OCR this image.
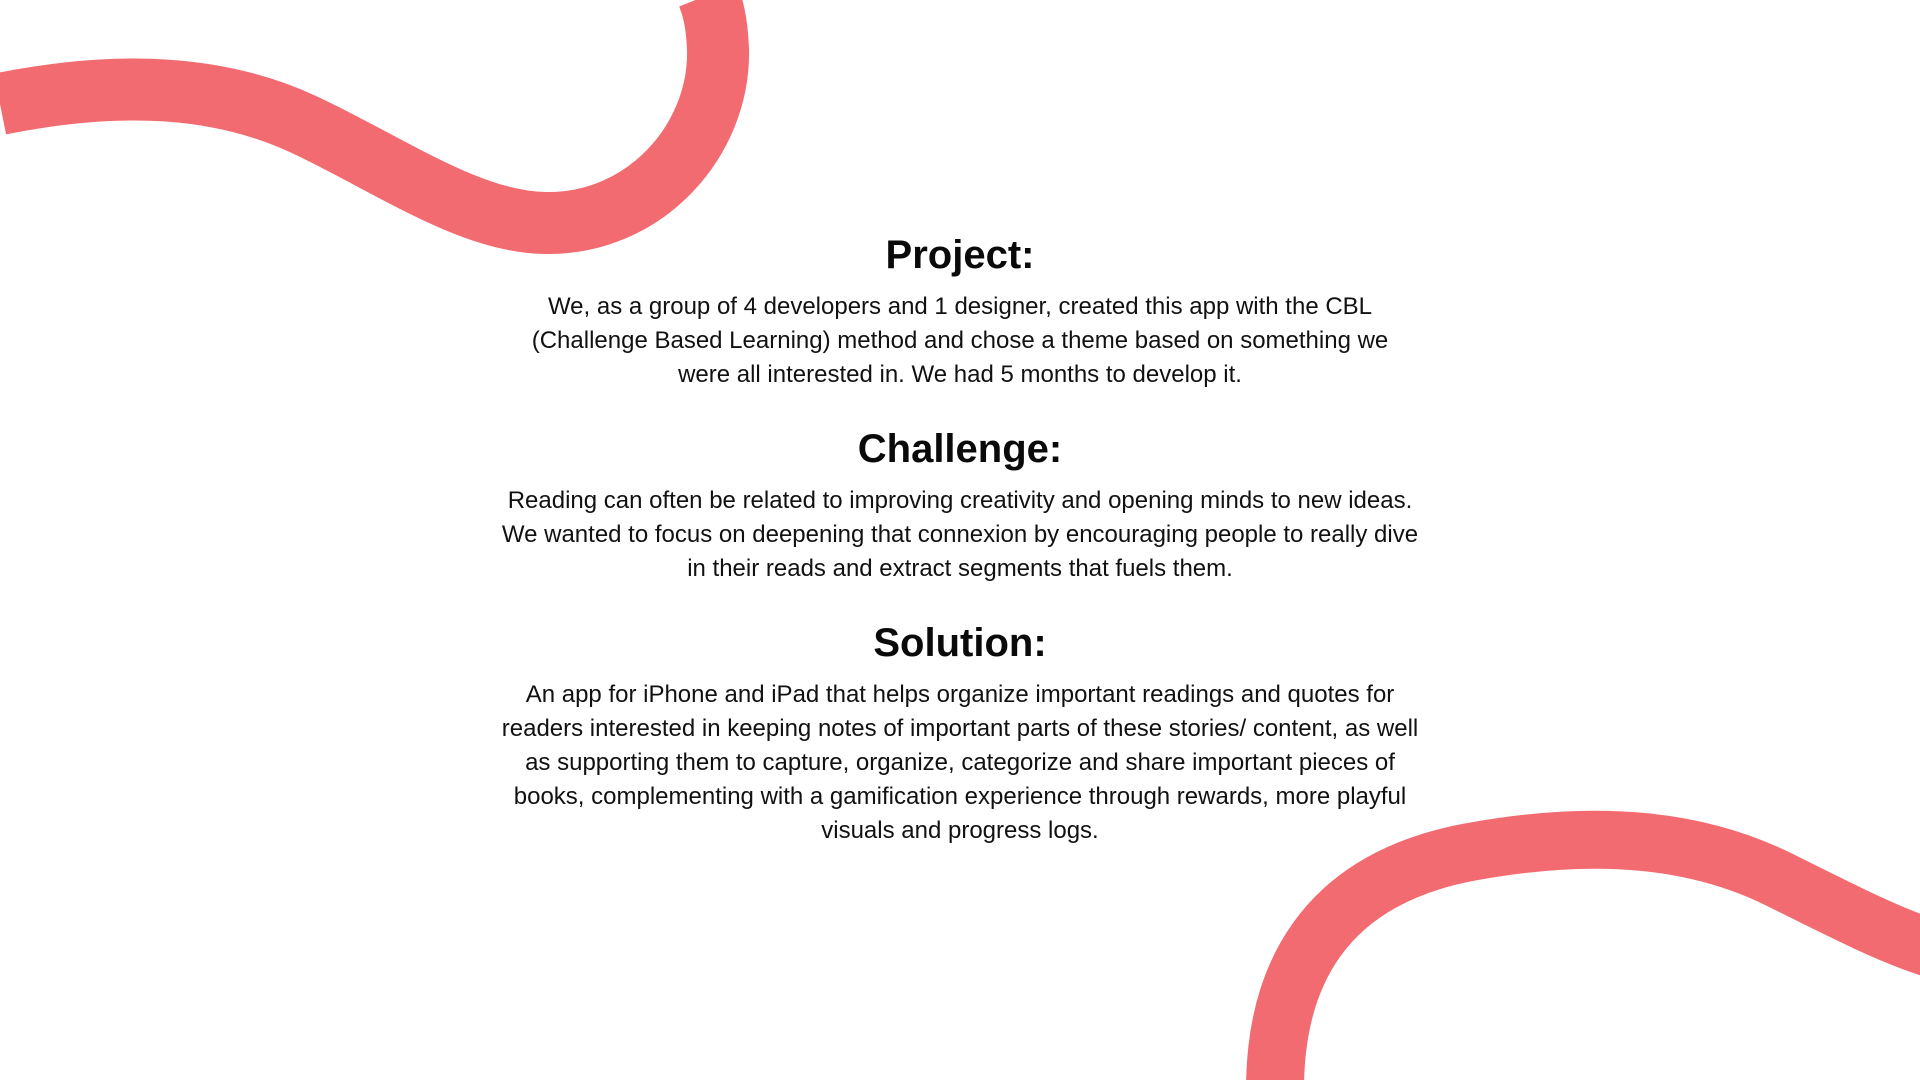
Project:

We, as a group of 4 developers and 1 designer, created this app with the CBL (Challenge Based Learning) method and chose a theme based on something we were all interested in. We had 5 months to develop it.

Challenge:

Reading can often be related to improving creativity and opening minds to new ideas. We wanted to focus on deepening that connexion by encouraging people to really dive in their reads and extract segments that fuels them.

Solution:

An app for iPhone and iPad that helps organize important readings and quotes for readers interested in keeping notes of important parts of these stories/ content, as well as supporting them to capture, organize, categorize and share important pieces of books, complementing with a gamification experience through rewards, more playful visuals and progress logs.
